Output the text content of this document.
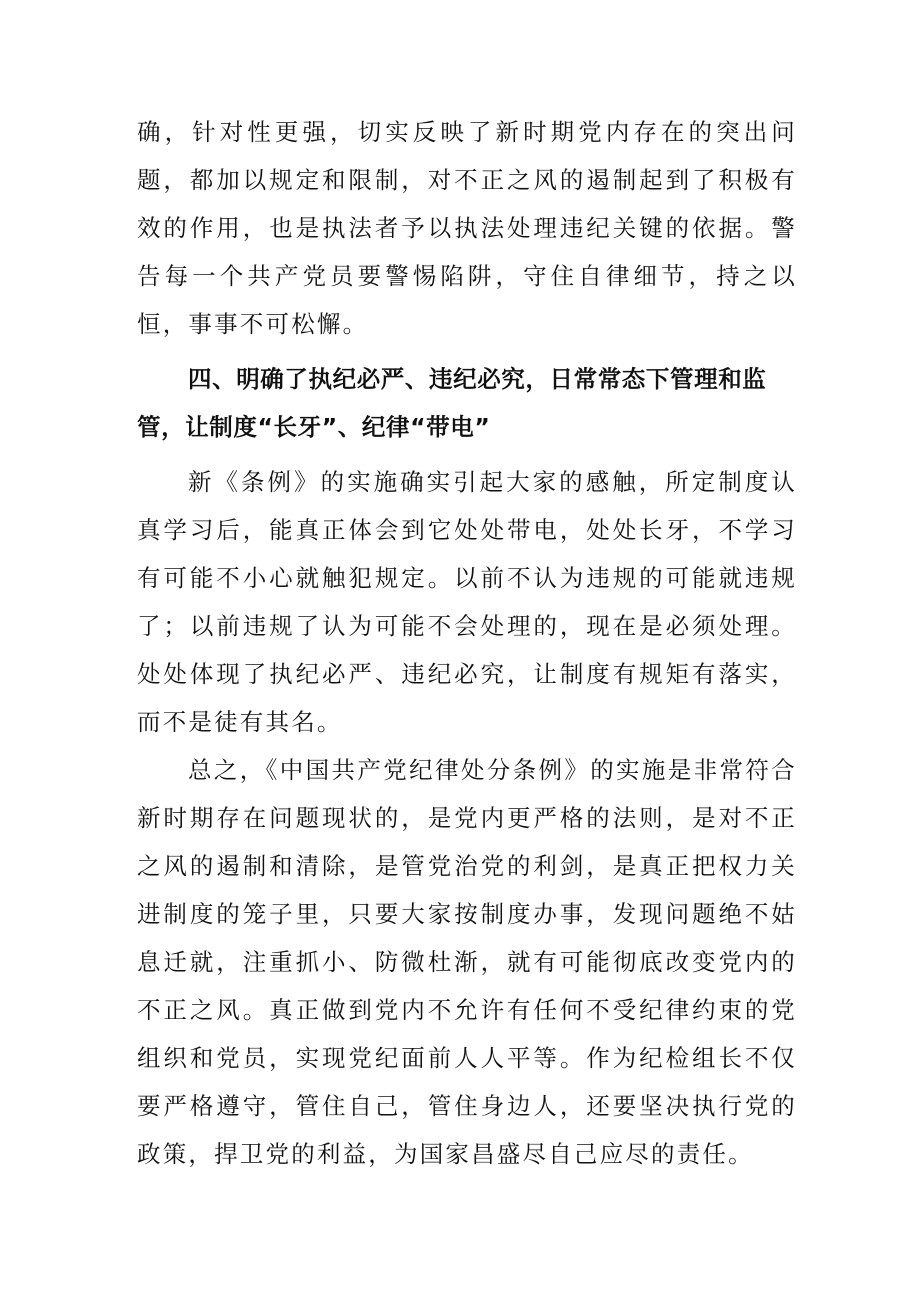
确，针对性更强，切实反映了新时期党内存在的突出问题，都加以规定和限制，对不正之风的遏制起到了积极有效的作用，也是执法者予以执法处理违纪关键的依据。警告每一个共产党员要警惕陷阱，守住自律细节，持之以恒，事事不可松懈。

四、明确了执纪必严、违纪必究，日常常态下管理和监管，让制度“长牙”、纪律“带电”

新《条例》的实施确实引起大家的感触，所定制度认真学习后，能真正体会到它处处带电，处处长牙，不学习有可能不小心就触犯规定。以前不认为违规的可能就违规了；以前违规了认为可能不会处理的，现在是必须处理。处处体现了执纪必严、违纪必究，让制度有规矩有落实，而不是徒有其名。

总之，《中国共产党纪律处分条例》的实施是非常符合新时期存在问题现状的，是党内更严格的法则，是对不正之风的遏制和清除，是管党治党的利剑，是真正把权力关进制度的笼子里，只要大家按制度办事，发现问题绝不姑息迁就，注重抓小、防微杜渐，就有可能彻底改变党内的不正之风。真正做到党内不允许有任何不受纪律约束的党组织和党员，实现党纪面前人人平等。作为纪检组长不仅要严格遵守，管住自己，管住身边人，还要坚决执行党的政策，捍卫党的利益，为国家昌盛尽自己应尽的责任。
